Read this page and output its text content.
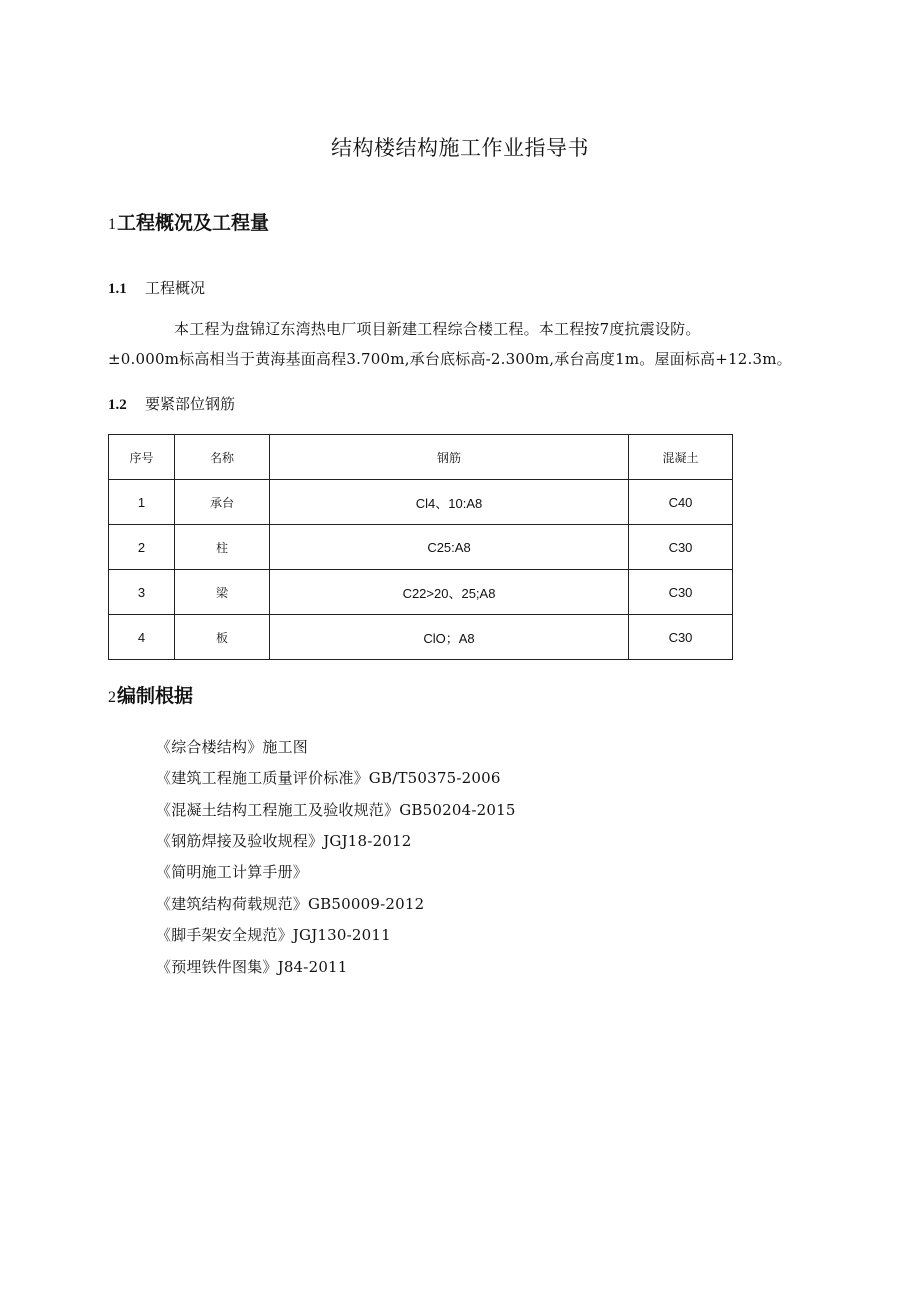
结构楼结构施工作业指导书
1工程概况及工程量
1.1 工程概况
本工程为盘锦辽东湾热电厂项目新建工程综合楼工程。本工程按7度抗震设防。
±0.000m标高相当于黄海基面高程3.700m,承台底标高-2.300m,承台高度1m。屋面标高+12.3m。
1.2 要紧部位钢筋
序号	名称	钢筋	混凝土
1	承台	Cl4、10:A8	C40
2	柱	C25:A8	C30
3	梁	C22>20、25;A8	C30
4	板	ClO；A8	C30
2编制根据
《综合楼结构》施工图
《建筑工程施工质量评价标准》GB/T50375-2006
《混凝土结构工程施工及验收规范》GB50204-2015
《钢筋焊接及验收规程》JGJ18-2012
《简明施工计算手册》
《建筑结构荷载规范》GB50009-2012
《脚手架安全规范》JGJ130-2011
《预埋铁件图集》J84-2011
